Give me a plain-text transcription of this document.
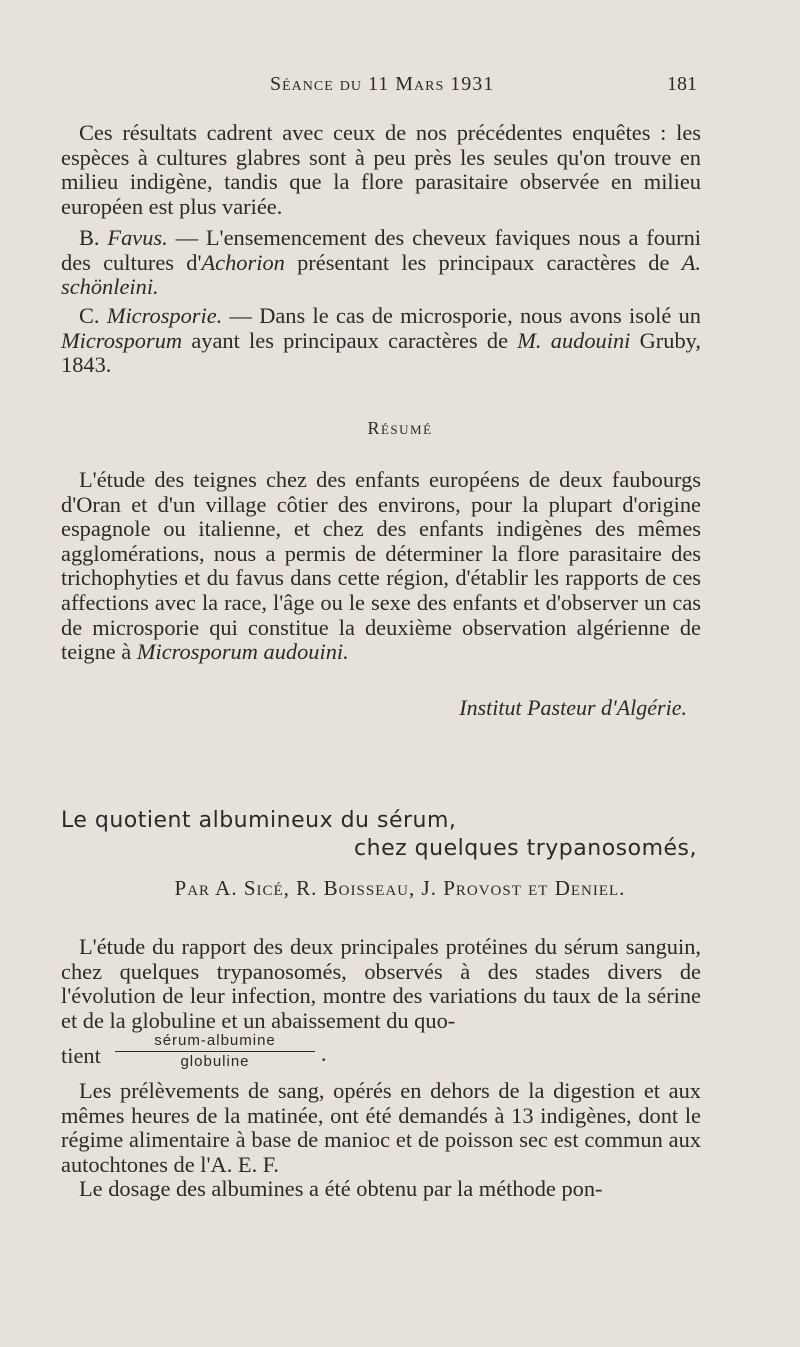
Séance du 11 Mars 1931	181

Ces résultats cadrent avec ceux de nos précédentes enquêtes : les espèces à cultures glabres sont à peu près les seules qu'on trouve en milieu indigène, tandis que la flore parasitaire observée en milieu européen est plus variée.

B. Favus. — L'ensemencement des cheveux faviques nous a fourni des cultures d'Achorion présentant les principaux caractères de A. schönleini.

C. Microsporie. — Dans le cas de microsporie, nous avons isolé un Microsporum ayant les principaux caractères de M. audouini Gruby, 1843.

Résumé

L'étude des teignes chez des enfants européens de deux faubourgs d'Oran et d'un village côtier des environs, pour la plupart d'origine espagnole ou italienne, et chez des enfants indigènes des mêmes agglomérations, nous a permis de déterminer la flore parasitaire des trichophyties et du favus dans cette région, d'établir les rapports de ces affections avec la race, l'âge ou le sexe des enfants et d'observer un cas de microsporie qui constitue la deuxième observation algérienne de teigne à Microsporum audouini.

Institut Pasteur d'Algérie.
Le quotient albumineux du sérum,
chez quelques trypanosomés,
Par A. Sicé, R. Boisseau, J. Provost et Deniel.

L'étude du rapport des deux principales protéines du sérum sanguin, chez quelques trypanosomés, observés à des stades divers de l'évolution de leur infection, montre des variations du taux de la sérine et de la globuline et un abaissement du quo-

tient
sérum-albumine
globuline	.

Les prélèvements de sang, opérés en dehors de la digestion et aux mêmes heures de la matinée, ont été demandés à 13 indigènes, dont le régime alimentaire à base de manioc et de poisson sec est commun aux autochtones de l'A. E. F.

Le dosage des albumines a été obtenu par la méthode pon-
